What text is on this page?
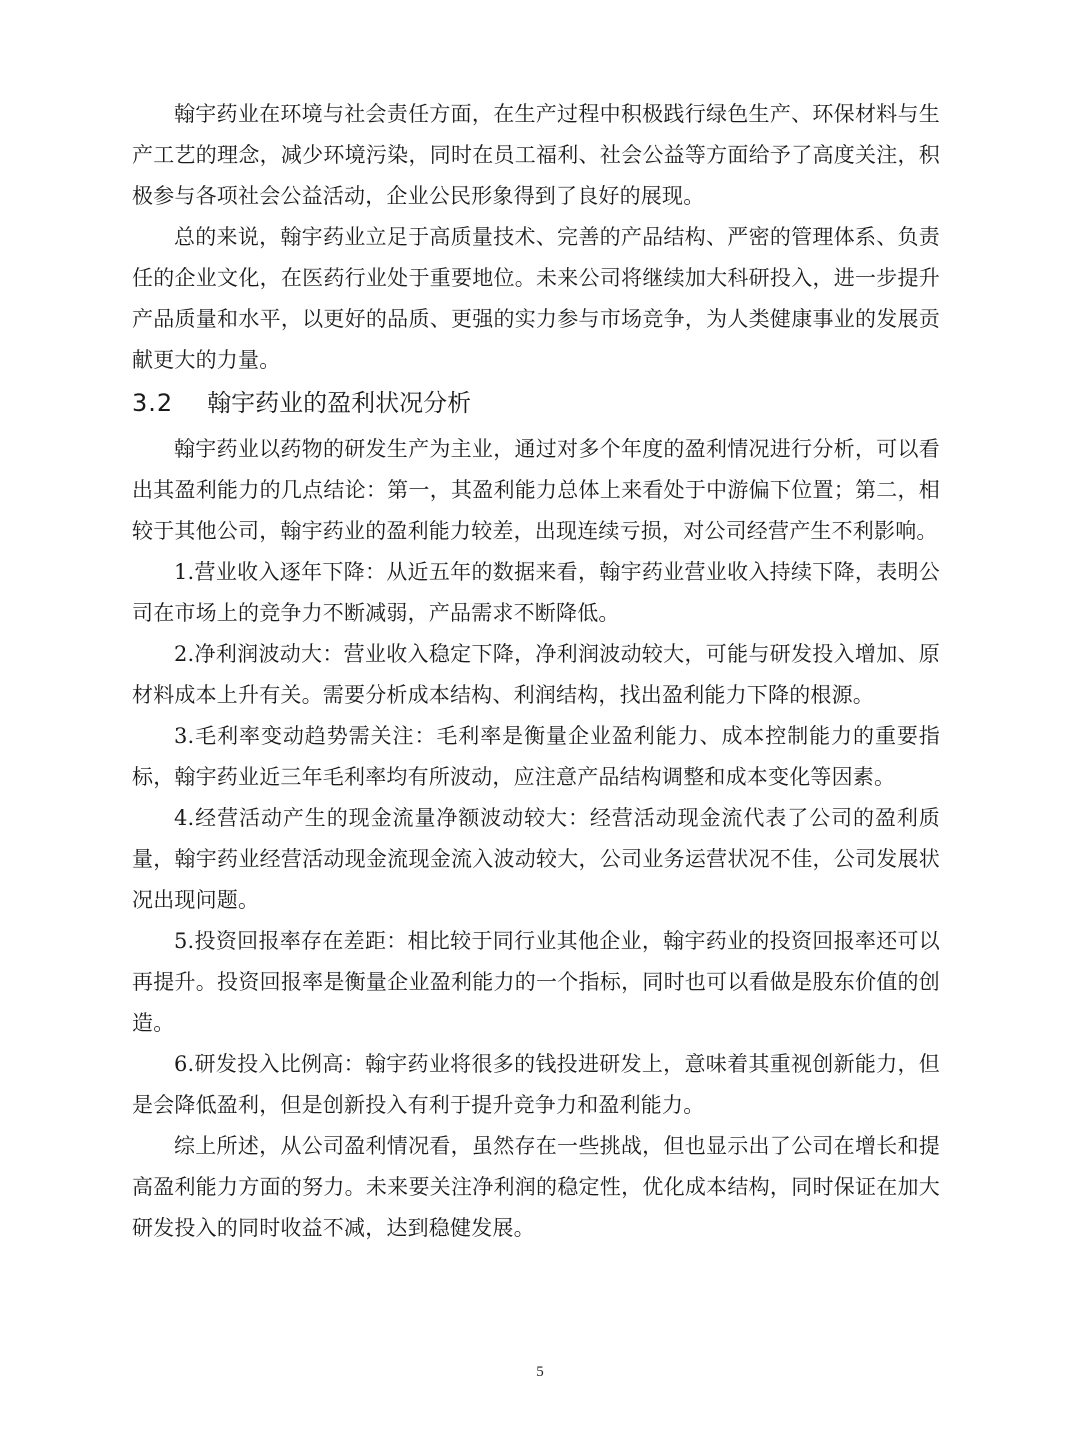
翰宇药业在环境与社会责任方面，在生产过程中积极践行绿色生产、环保材料与生产工艺的理念，减少环境污染，同时在员工福利、社会公益等方面给予了高度关注，积极参与各项社会公益活动，企业公民形象得到了良好的展现。

总的来说，翰宇药业立足于高质量技术、完善的产品结构、严密的管理体系、负责任的企业文化，在医药行业处于重要地位。未来公司将继续加大科研投入，进一步提升产品质量和水平，以更好的品质、更强的实力参与市场竞争，为人类健康事业的发展贡献更大的力量。

3.2 翰宇药业的盈利状况分析

翰宇药业以药物的研发生产为主业，通过对多个年度的盈利情况进行分析，可以看出其盈利能力的几点结论：第一，其盈利能力总体上来看处于中游偏下位置；第二，相较于其他公司，翰宇药业的盈利能力较差，出现连续亏损，对公司经营产生不利影响。

1.营业收入逐年下降：从近五年的数据来看，翰宇药业营业收入持续下降，表明公司在市场上的竞争力不断减弱，产品需求不断降低。

2.净利润波动大：营业收入稳定下降，净利润波动较大，可能与研发投入增加、原材料成本上升有关。需要分析成本结构、利润结构，找出盈利能力下降的根源。

3.毛利率变动趋势需关注：毛利率是衡量企业盈利能力、成本控制能力的重要指标，翰宇药业近三年毛利率均有所波动，应注意产品结构调整和成本变化等因素。

4.经营活动产生的现金流量净额波动较大：经营活动现金流代表了公司的盈利质量，翰宇药业经营活动现金流现金流入波动较大，公司业务运营状况不佳，公司发展状况出现问题。

5.投资回报率存在差距：相比较于同行业其他企业，翰宇药业的投资回报率还可以再提升。投资回报率是衡量企业盈利能力的一个指标，同时也可以看做是股东价值的创造。

6.研发投入比例高：翰宇药业将很多的钱投进研发上，意味着其重视创新能力，但是会降低盈利，但是创新投入有利于提升竞争力和盈利能力。

综上所述，从公司盈利情况看，虽然存在一些挑战，但也显示出了公司在增长和提高盈利能力方面的努力。未来要关注净利润的稳定性，优化成本结构，同时保证在加大研发投入的同时收益不减，达到稳健发展。

5
